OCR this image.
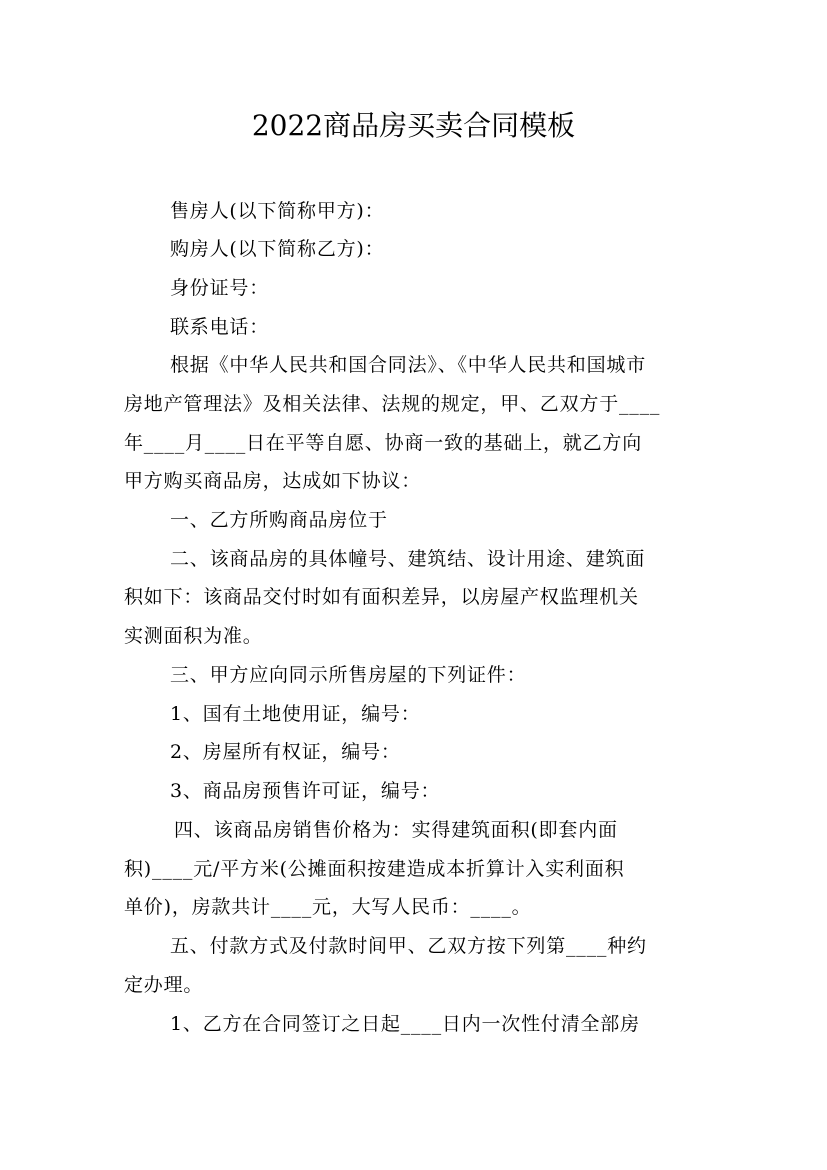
2022商品房买卖合同模板

售房人(以下简称甲方)：

购房人(以下简称乙方)：

身份证号：

联系电话：

根据《中华人民共和国合同法》、《中华人民共和国城市

房地产管理法》及相关法律、法规的规定，甲、乙双方于____

年____月____日在平等自愿、协商一致的基础上，就乙方向

甲方购买商品房，达成如下协议：

一、乙方所购商品房位于

二、该商品房的具体幢号、建筑结、设计用途、建筑面

积如下：该商品交付时如有面积差异，以房屋产权监理机关

实测面积为准。

三、甲方应向同示所售房屋的下列证件：

1、国有土地使用证，编号：

2、房屋所有权证，编号：

3、商品房预售许可证，编号：

四、该商品房销售价格为：实得建筑面积(即套内面

积)____元/平方米(公摊面积按建造成本折算计入实利面积

单价)，房款共计____元，大写人民币：____。

五、付款方式及付款时间甲、乙双方按下列第____种约

定办理。

1、乙方在合同签订之日起____日内一次性付清全部房
